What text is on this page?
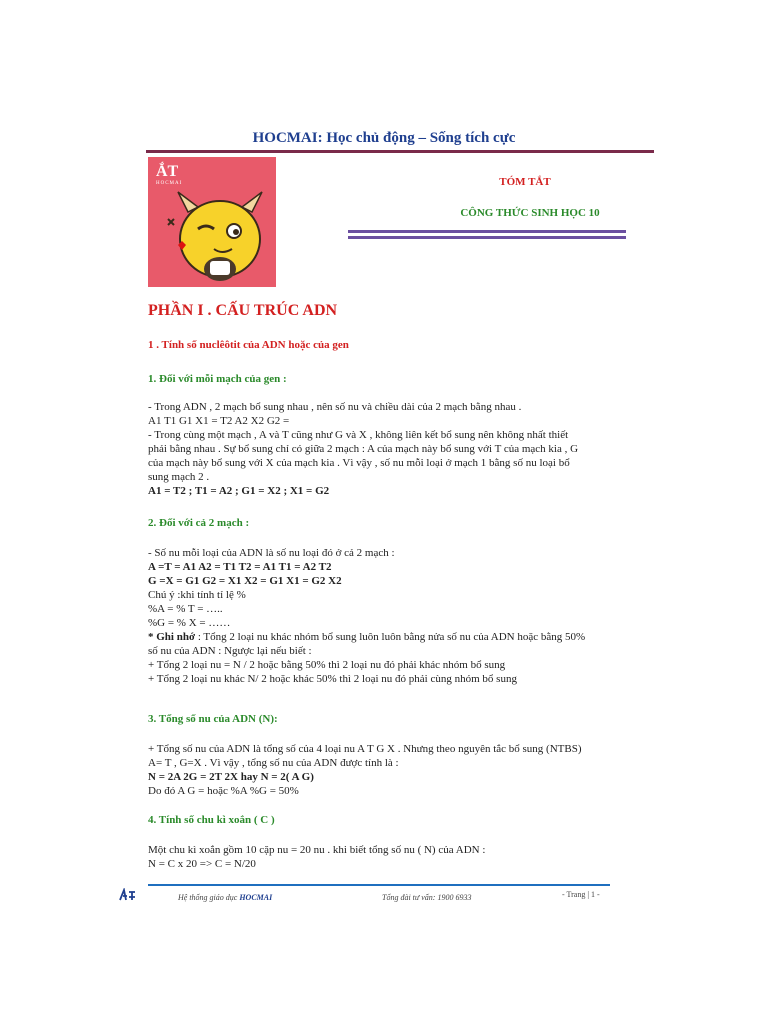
HOCMAI: Học chủ động – Sống tích cực
ẮT
HOCMAI	TÓM TẮT
CÔNG THỨC SINH HỌC 10
PHẦN I . CẤU TRÚC ADN
1 . Tính số nuclêôtit của ADN hoặc của gen
1. Đối với mỗi mạch của gen :
- Trong ADN , 2 mạch bổ sung nhau , nên số nu và chiều dài của 2 mạch bằng nhau .
A1 T1 G1 X1 = T2 A2 X2 G2 =
- Trong cùng một mạch , A và T cũng như G và X , không liên kết bổ sung nên không nhất thiết
phải bằng nhau . Sự bổ sung chỉ có giữa 2 mạch : A của mạch này bổ sung với T của mạch kia , G
của mạch này bổ sung với X của mạch kia . Vì vậy , số nu mỗi loại ở mạch 1 bằng số nu loại bổ
sung mạch 2 .
A1 = T2 ; T1 = A2 ; G1 = X2 ; X1 = G2
2. Đối với cả 2 mạch :
- Số nu mỗi loại của ADN là số nu loại đó ở cả 2 mạch :
A =T = A1 A2 = T1 T2 = A1 T1 = A2 T2
G =X = G1 G2 = X1 X2 = G1 X1 = G2 X2
Chú ý :khi tính tỉ lệ %
%A = % T = …..
%G = % X = ……
* Ghi nhớ : Tổng 2 loại nu khác nhóm bổ sung luôn luôn bằng nửa số nu của ADN hoặc bằng 50%
số nu của ADN : Ngược lại nếu biết :
+ Tổng 2 loại nu = N / 2 hoặc bằng 50% thì 2 loại nu đó phải khác nhóm bổ sung
+ Tổng 2 loại nu khác N/ 2 hoặc khác 50% thì 2 loại nu đó phải cùng nhóm bổ sung
3. Tổng số nu của ADN (N):
+ Tổng số nu của ADN là tổng số của 4 loại nu A T G X . Nhưng theo nguyên tắc bổ sung (NTBS)
A= T , G=X . Vì vậy , tổng số nu của ADN được tính là :
N = 2A 2G = 2T 2X hay N = 2( A G)
Do đó A G = hoặc %A %G = 50%
4. Tính số chu kì xoắn ( C )
Một chu kì xoắn gồm 10 cặp nu = 20 nu . khi biết tổng số nu ( N) của ADN :
N = C x 20 => C = N/20
Hệ thống giáo dục HOCMAI	Tổng đài tư vấn: 1900 6933	- Trang | 1 -
